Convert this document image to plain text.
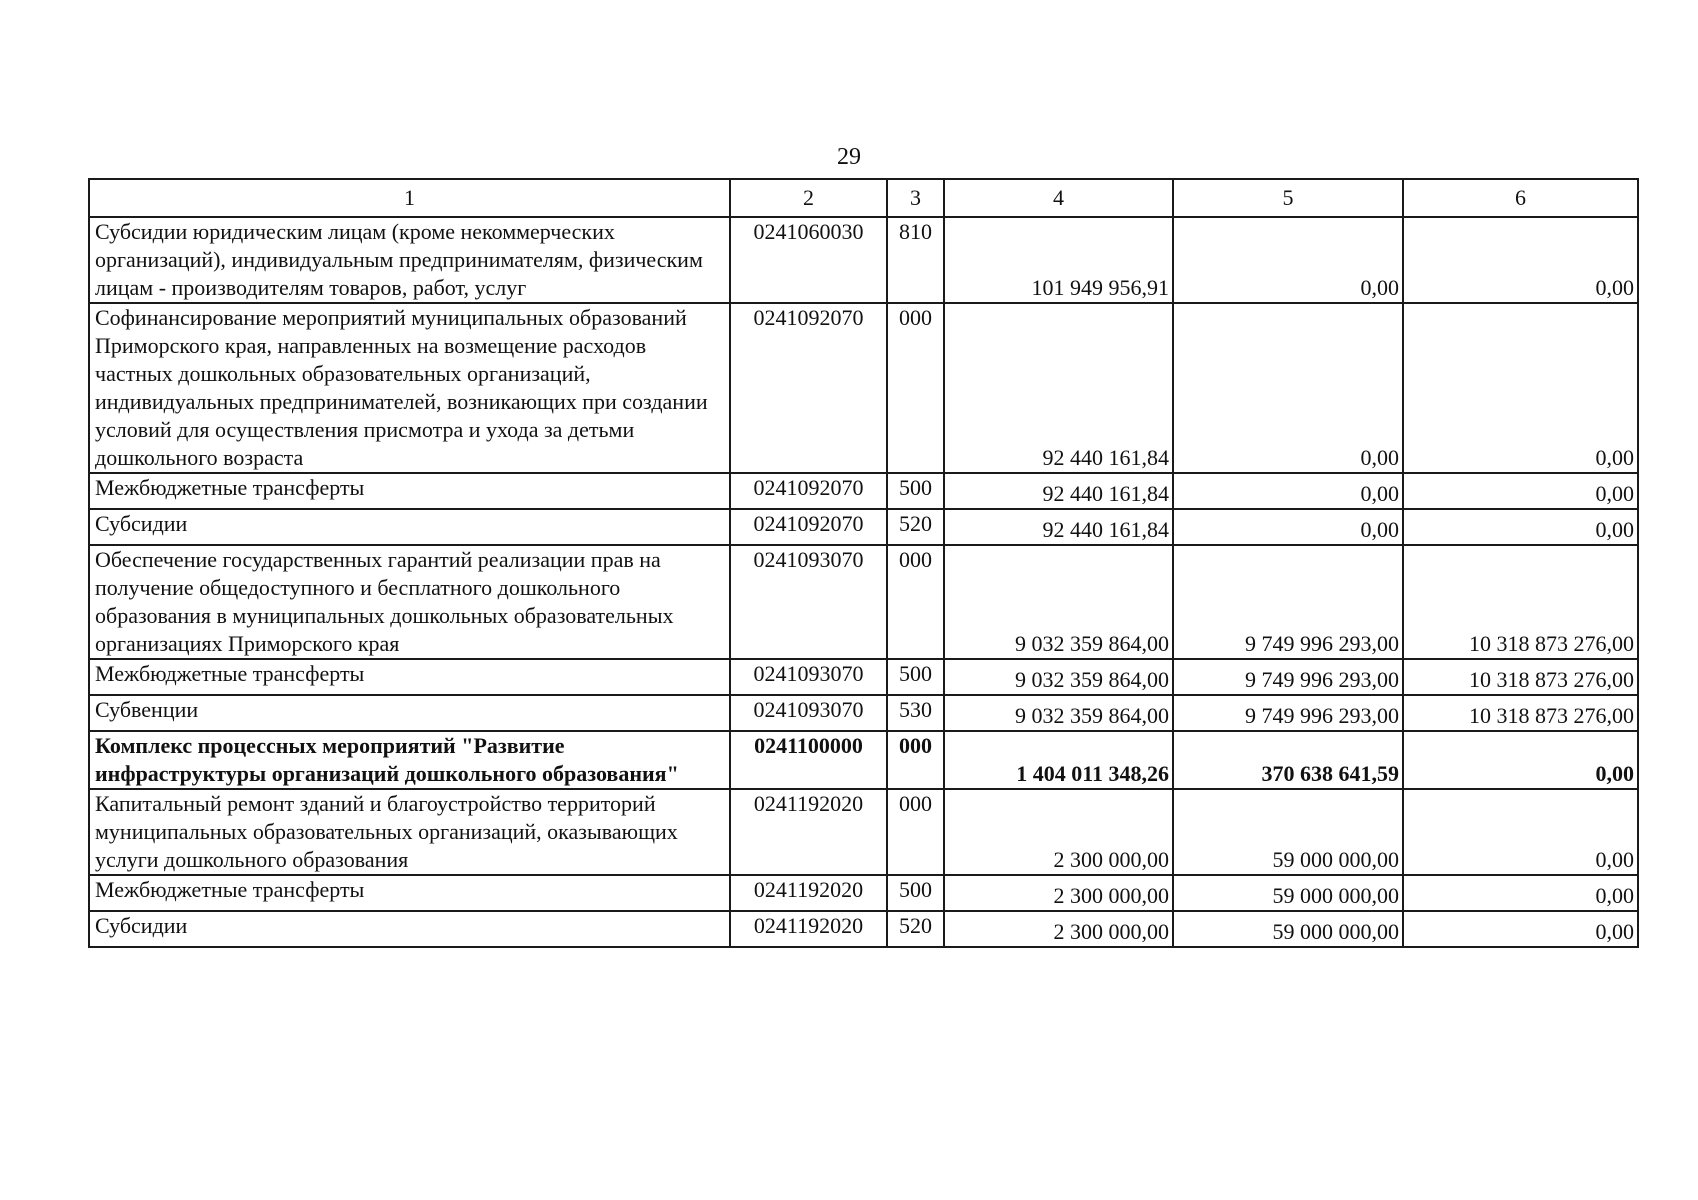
29
1	2	3	4	5	6
Субсидии юридическим лицам (кроме некоммерческих организаций), индивидуальным предпринимателям, физическим лицам - производителям товаров, работ, услуг	0241060030	810	101 949 956,91	0,00	0,00
Софинансирование мероприятий муниципальных образований Приморского края, направленных на возмещение расходов частных дошкольных образовательных организаций, индивидуальных предпринимателей, возникающих при создании условий для осуществления присмотра и ухода за детьми дошкольного возраста	0241092070	000	92 440 161,84	0,00	0,00
Межбюджетные трансферты	0241092070	500	92 440 161,84	0,00	0,00
Субсидии	0241092070	520	92 440 161,84	0,00	0,00
Обеспечение государственных гарантий реализации прав на получение общедоступного и бесплатного дошкольного образования в муниципальных дошкольных образовательных организациях Приморского края	0241093070	000	9 032 359 864,00	9 749 996 293,00	10 318 873 276,00
Межбюджетные трансферты	0241093070	500	9 032 359 864,00	9 749 996 293,00	10 318 873 276,00
Субвенции	0241093070	530	9 032 359 864,00	9 749 996 293,00	10 318 873 276,00
Комплекс процессных мероприятий "Развитие инфраструктуры организаций дошкольного образования"	0241100000	000	1 404 011 348,26	370 638 641,59	0,00
Капитальный ремонт зданий и благоустройство территорий муниципальных образовательных организаций, оказывающих услуги дошкольного образования	0241192020	000	2 300 000,00	59 000 000,00	0,00
Межбюджетные трансферты	0241192020	500	2 300 000,00	59 000 000,00	0,00
Субсидии	0241192020	520	2 300 000,00	59 000 000,00	0,00
